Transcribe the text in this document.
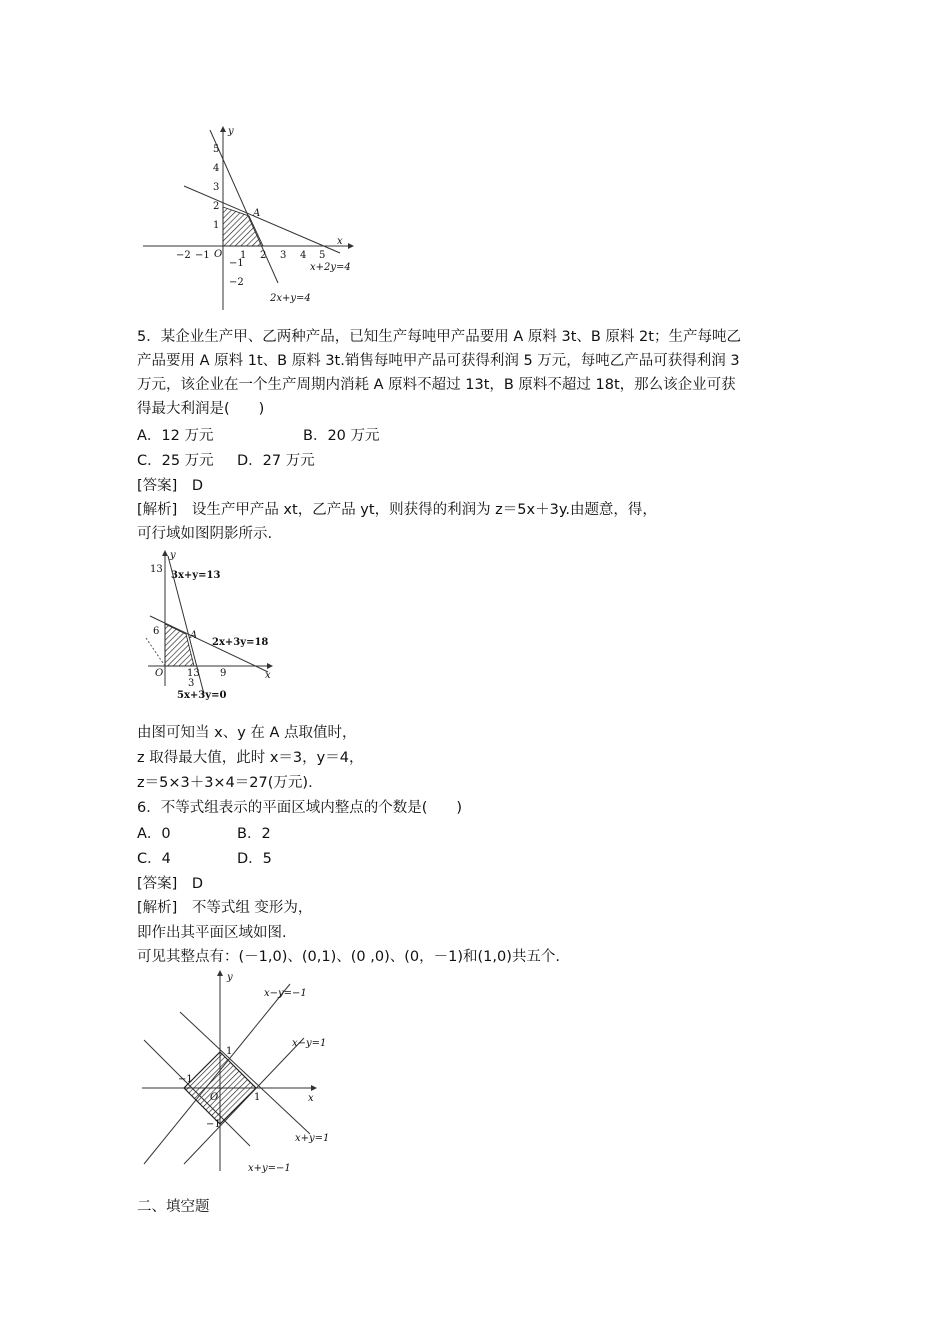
y
x
O
A
5
4
3
2
1
−1
−2
−2 −1	1 2 3 4 5
x+2y=4
2x+y=4
5．某企业生产甲、乙两种产品，已知生产每吨甲产品要用 A 原料 3t、B 原料 2t；生产每吨乙
产品要用 A 原料 1t、B 原料 3t.销售每吨甲产品可获得利润 5 万元，每吨乙产品可获得利润 3
万元，该企业在一个生产周期内消耗 A 原料不超过 13t，B 原料不超过 18t，那么该企业可获
得最大利润是(　　)
A．12 万元	B．20 万元
C．25 万元 D．27 万元
[答案]　D
[解析]　设生产甲产品 xt，乙产品 yt，则获得的利润为 z＝5x＋3y.由题意，得，
可行域如图阴影所示.
y
x
O
A
13
6
13
3
9
3x+y=13
2x+3y=18
5x+3y=0
由图可知当 x、y 在 A 点取值时，
z 取得最大值，此时 x＝3，y＝4，
z＝5×3＋3×4＝27(万元).
6．不等式组表示的平面区域内整点的个数是(　　)
A．0	B．2
C．4	D．5
[答案]　D
[解析]　不等式组 变形为，
即作出其平面区域如图.
可见其整点有：(－1,0)、(0,1)、(0 ,0)、(0，－1)和(1,0)共五个.
y
x
O
1
1
−1
−1
x−y=−1
x−y=1
x+y=1
x+y=−1
二、填空题
